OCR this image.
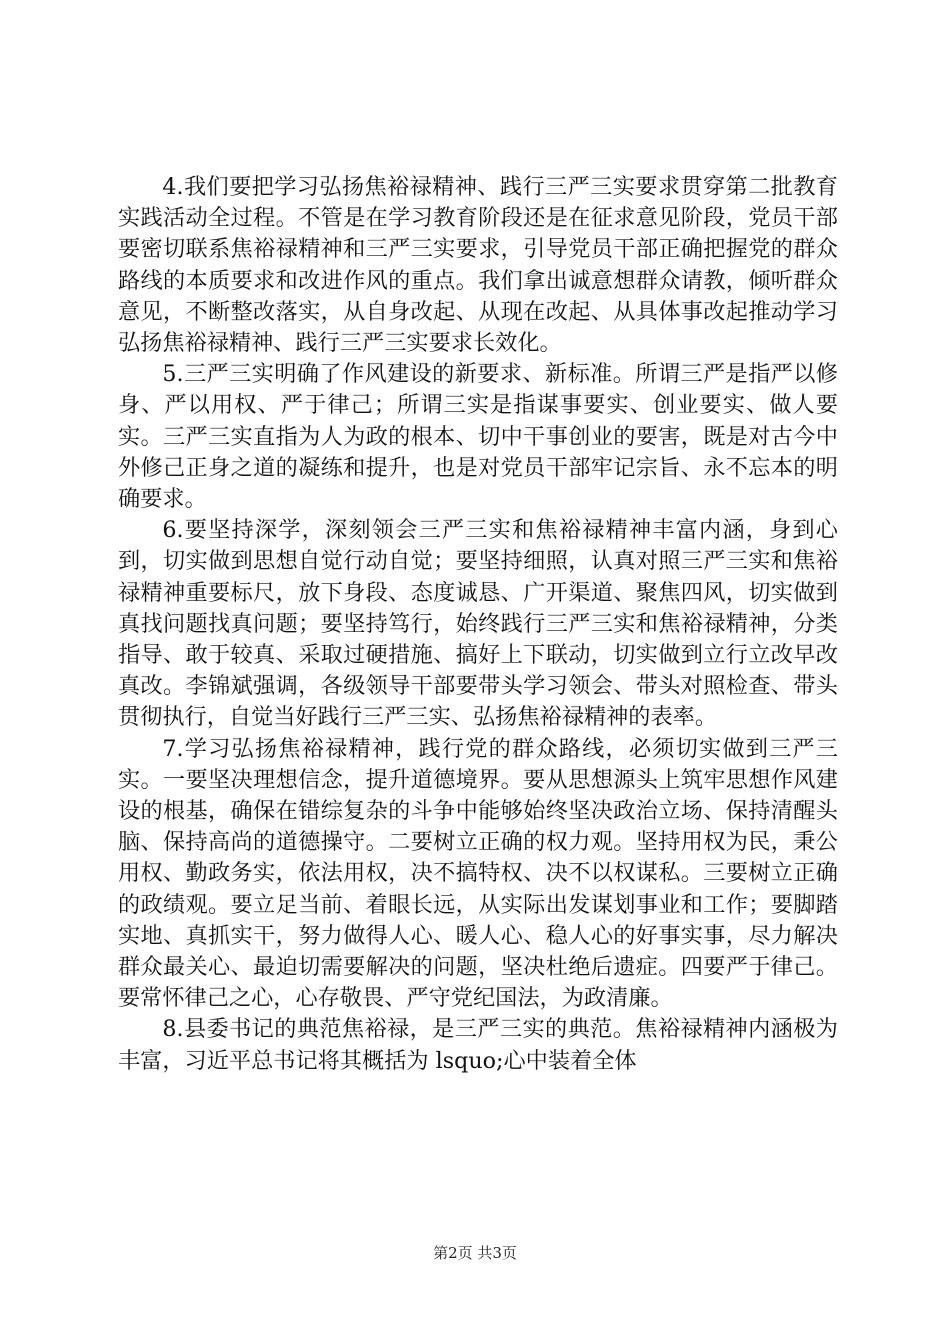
4.我们要把学习弘扬焦裕禄精神、践行三严三实要求贯穿第二批教育实践活动全过程。不管是在学习教育阶段还是在征求意见阶段，党员干部要密切联系焦裕禄精神和三严三实要求，引导党员干部正确把握党的群众路线的本质要求和改进作风的重点。我们拿出诚意想群众请教，倾听群众意见，不断整改落实，从自身改起、从现在改起、从具体事改起推动学习弘扬焦裕禄精神、践行三严三实要求长效化。

5.三严三实明确了作风建设的新要求、新标准。所谓三严是指严以修身、严以用权、严于律己；所谓三实是指谋事要实、创业要实、做人要实。三严三实直指为人为政的根本、切中干事创业的要害，既是对古今中外修己正身之道的凝练和提升，也是对党员干部牢记宗旨、永不忘本的明确要求。

6.要坚持深学，深刻领会三严三实和焦裕禄精神丰富内涵，身到心到，切实做到思想自觉行动自觉；要坚持细照，认真对照三严三实和焦裕禄精神重要标尺，放下身段、态度诚恳、广开渠道、聚焦四风，切实做到真找问题找真问题；要坚持笃行，始终践行三严三实和焦裕禄精神，分类指导、敢于较真、采取过硬措施、搞好上下联动，切实做到立行立改早改真改。李锦斌强调，各级领导干部要带头学习领会、带头对照检查、带头贯彻执行，自觉当好践行三严三实、弘扬焦裕禄精神的表率。

7.学习弘扬焦裕禄精神，践行党的群众路线，必须切实做到三严三实。一要坚决理想信念，提升道德境界。要从思想源头上筑牢思想作风建设的根基，确保在错综复杂的斗争中能够始终坚决政治立场、保持清醒头脑、保持高尚的道德操守。二要树立正确的权力观。坚持用权为民，秉公用权、勤政务实，依法用权，决不搞特权、决不以权谋私。三要树立正确的政绩观。要立足当前、着眼长远，从实际出发谋划事业和工作；要脚踏实地、真抓实干，努力做得人心、暖人心、稳人心的好事实事，尽力解决群众最关心、最迫切需要解决的问题，坚决杜绝后遗症。四要严于律己。要常怀律己之心，心存敬畏、严守党纪国法，为政清廉。

8.县委书记的典范焦裕禄，是三严三实的典范。焦裕禄精神内涵极为丰富，习近平总书记将其概括为 lsquo;心中装着全体

第2页 共3页
